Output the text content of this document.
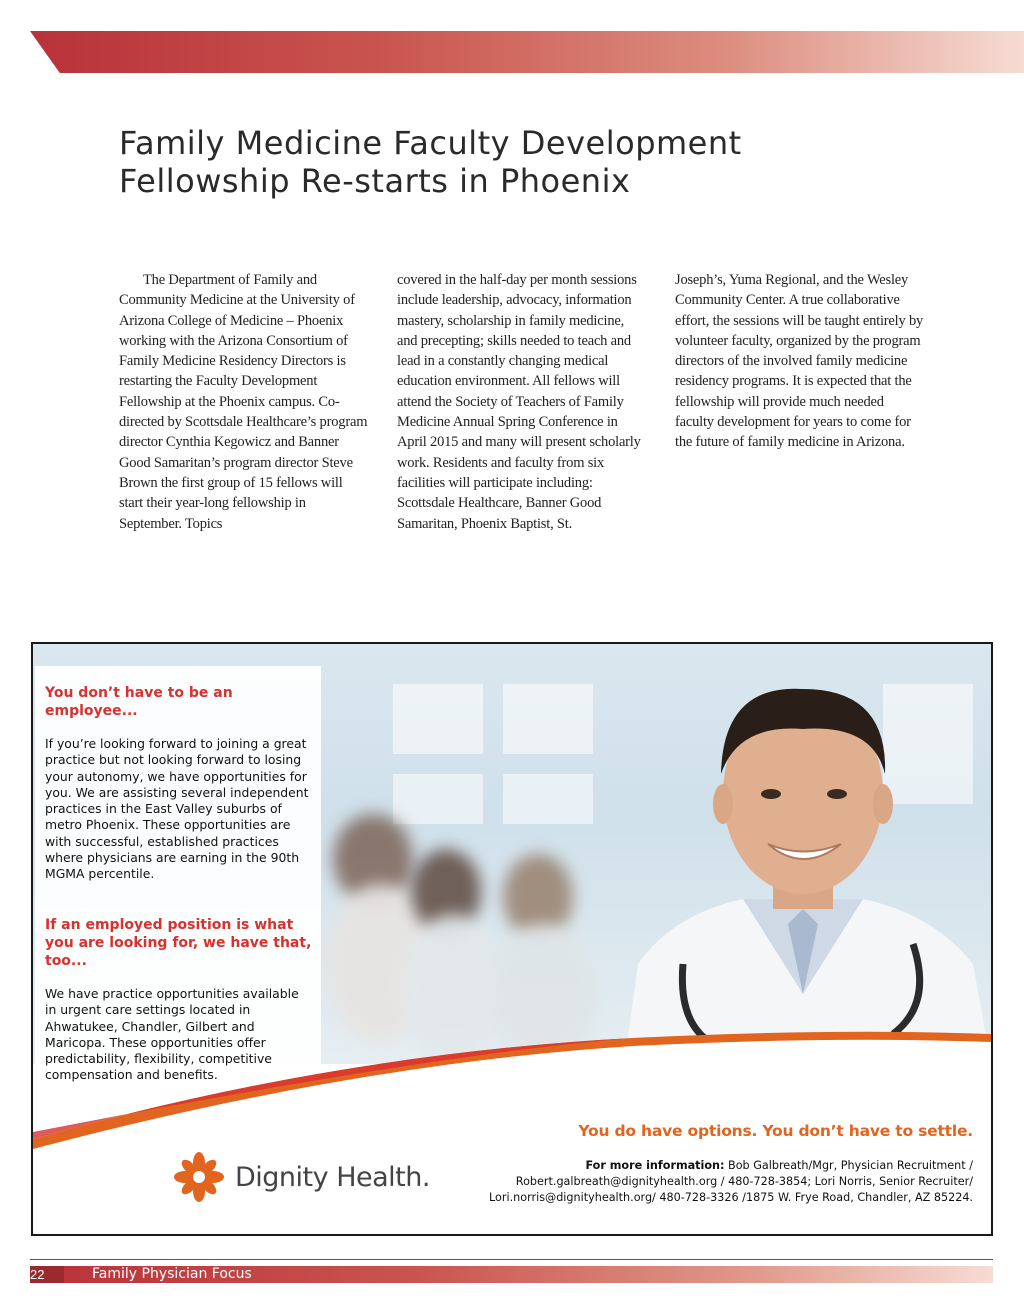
Family Medicine Faculty Development Fellowship Re-starts in Phoenix

The Department of Family and Community Medicine at the University of Arizona College of Medicine – Phoenix working with the Arizona Consortium of Family Medicine Residency Directors is restarting the Faculty Development Fellowship at the Phoenix campus. Co-directed by Scottsdale Healthcare’s program director Cynthia Kegowicz and Banner Good Samaritan’s program director Steve Brown the first group of 15 fellows will start their year-long fellowship in September. Topics

covered in the half-day per month sessions include leadership, advocacy, information mastery, scholarship in family medicine, and precepting; skills needed to teach and lead in a constantly changing medical education environment. All fellows will attend the Society of Teachers of Family Medicine Annual Spring Conference in April 2015 and many will present scholarly work. Residents and faculty from six facilities will participate including: Scottsdale Healthcare, Banner Good Samaritan, Phoenix Baptist, St.

Joseph’s, Yuma Regional, and the Wesley Community Center. A true collaborative effort, the sessions will be taught entirely by volunteer faculty, organized by the program directors of the involved family medicine residency programs. It is expected that the fellowship will provide much needed faculty development for years to come for the future of family medicine in Arizona.

You don’t have to be an employee...
If you’re looking forward to joining a great practice but not looking forward to losing your autonomy, we have opportunities for you. We are assisting several independent practices in the East Valley suburbs of metro Phoenix. These opportunities are with successful, established practices where physicians are earning in the 90th MGMA percentile.
If an employed position is what you are looking for, we have that, too...
We have practice opportunities available in urgent care settings located in Ahwatukee, Chandler, Gilbert and Maricopa. These opportunities offer predictability, flexibility, competitive compensation and benefits.
Dignity Health.
You do have options. You don’t have to settle.
For more information: Bob Galbreath/Mgr, Physician Recruitment /
Robert.galbreath@dignityhealth.org / 480-728-3854; Lori Norris, Senior Recruiter/
Lori.norris@dignityhealth.org/ 480-728-3326 /1875 W. Frye Road, Chandler, AZ 85224.
22	Family Physician Focus
